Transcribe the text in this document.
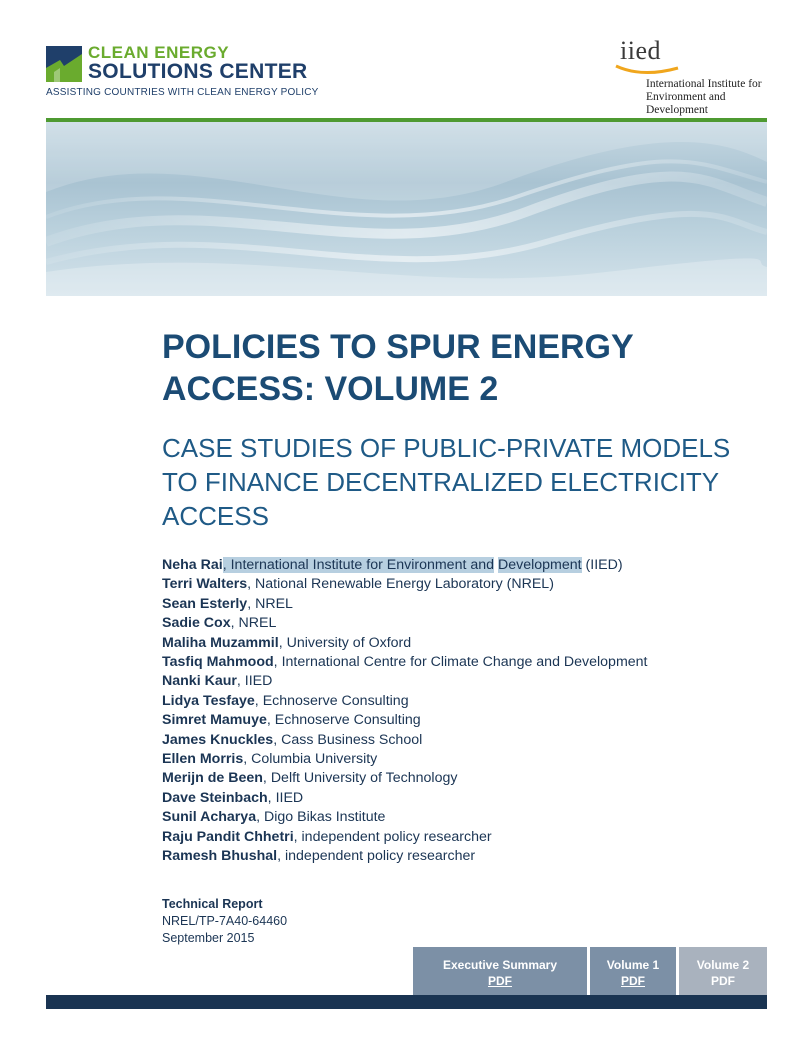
CLEAN ENERGY
SOLUTIONS CENTER
ASSISTING COUNTRIES WITH CLEAN ENERGY POLICY
iied
International Institute for Environment and Development
POLICIES TO SPUR ENERGY ACCESS: VOLUME 2
CASE STUDIES OF PUBLIC-PRIVATE MODELS TO FINANCE DECENTRALIZED ELECTRICITY ACCESS
Neha Rai, International Institute for Environment and Development (IIED)
Terri Walters, National Renewable Energy Laboratory (NREL)
Sean Esterly, NREL
Sadie Cox, NREL
Maliha Muzammil, University of Oxford
Tasfiq Mahmood, International Centre for Climate Change and Development
Nanki Kaur, IIED
Lidya Tesfaye, Echnoserve Consulting
Simret Mamuye, Echnoserve Consulting
James Knuckles, Cass Business School
Ellen Morris, Columbia University
Merijn de Been, Delft University of Technology
Dave Steinbach, IIED
Sunil Acharya, Digo Bikas Institute
Raju Pandit Chhetri, independent policy researcher
Ramesh Bhushal, independent policy researcher
Technical Report
NREL/TP-7A40-64460
September 2015
Executive Summary
PDF
Volume 1
PDF
Volume 2
PDF
